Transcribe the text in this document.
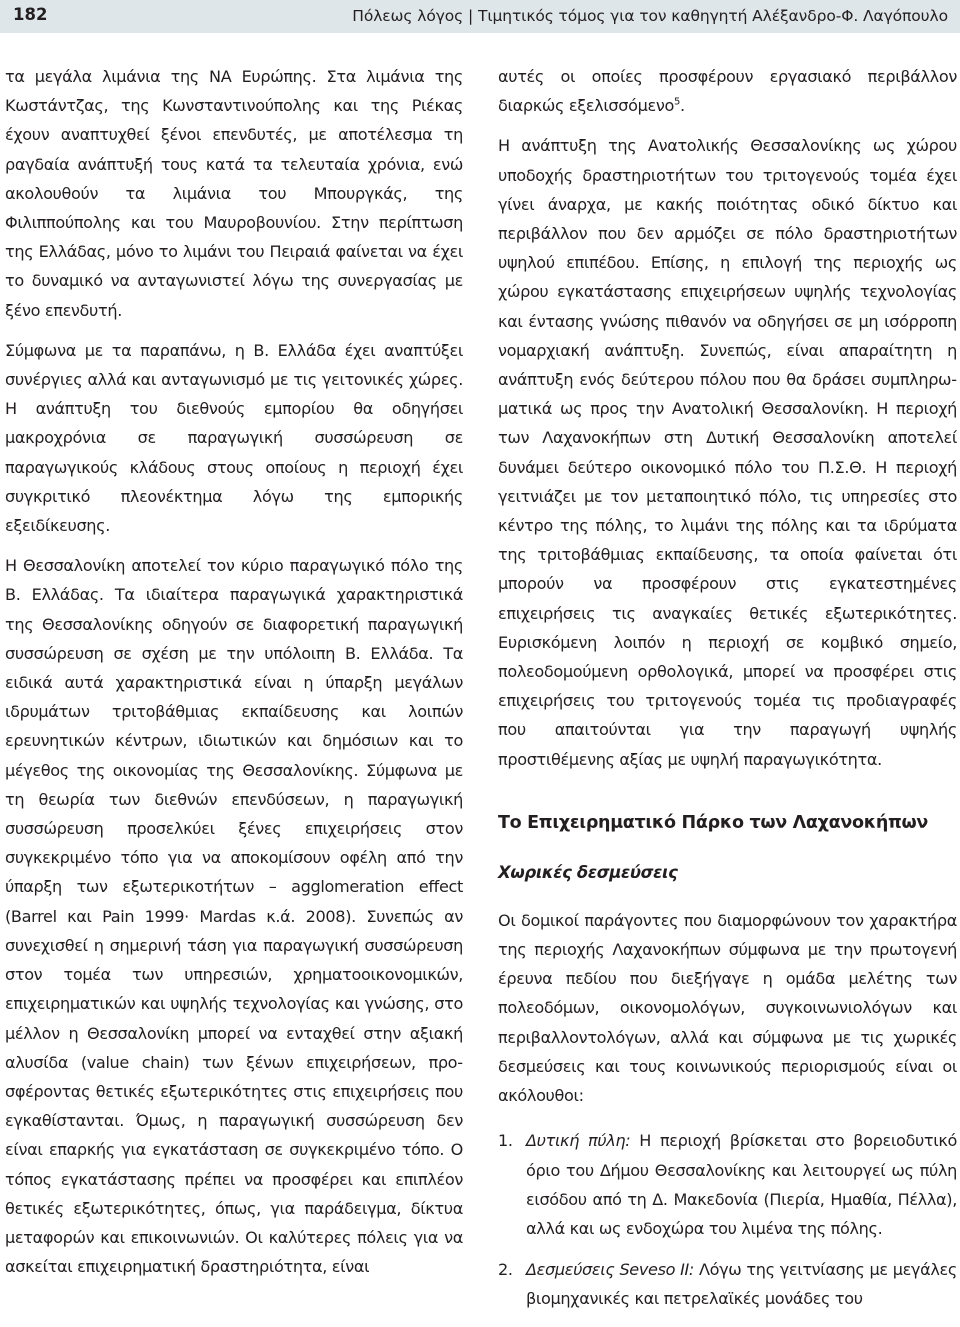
182	Πόλεως λόγος | Τιμητικός τόμος για τον καθηγητή Αλέξανδρο-Φ. Λαγόπουλο

τα μεγάλα λιμάνια της ΝΑ Ευρώπης. Στα λιμάνια της Κωστάντζας, της Κωνσταντινούπολης και της Ριέκας έχουν αναπτυχθεί ξένοι επενδυτές, με αποτέλεσμα τη ραγδαία ανάπτυξή τους κατά τα τελευταία χρόνια, ενώ ακολουθούν τα λιμάνια του Μπουργκάς, της Φιλιππούπολης και του Μαυροβουνίου. Στην περίπτωση της Ελλάδας, μόνο το λιμάνι του Πειραιά φαίνεται να έχει το δυναμικό να ανταγωνιστεί λόγω της συνεργασίας με ξένο επενδυτή.

Σύμφωνα με τα παραπάνω, η Β. Ελλάδα έχει αναπτύξει συνέργιες αλλά και ανταγωνισμό με τις γειτονικές χώρες. Η ανάπτυξη του διεθνούς εμπορίου θα οδηγήσει μακροχρόνια σε παραγωγική συσσώρευση σε παραγωγικούς κλάδους στους οποίους η περιοχή έχει συγκριτικό πλεονέκτημα λόγω της εμπορικής εξειδίκευσης.

Η Θεσσαλονίκη αποτελεί τον κύριο παραγωγικό πόλο της Β. Ελλάδας. Τα ιδιαίτερα παραγωγικά χαρακτηριστικά της Θεσσαλονίκης οδηγούν σε διαφορετική παραγωγική συσσώρευση σε σχέση με την υπόλοιπη Β. Ελλάδα. Τα ειδικά αυτά χαρακτηριστικά είναι η ύπαρξη μεγάλων ιδρυμάτων τριτοβάθμιας εκπαίδευσης και λοιπών ερευνητικών κέντρων, ιδιωτικών και δημόσιων και το μέγεθος της οικονομίας της Θεσσαλονίκης. Σύμφωνα με τη θεωρία των διεθνών επενδύσεων, η παραγωγική συσσώρευση προσελκύει ξένες επιχειρήσεις στον συγκεκριμένο τόπο για να αποκομίσουν οφέλη από την ύπαρξη των εξωτερικοτήτων – agglomeration effect (Barrel και Pain 1999· Mardas κ.ά. 2008). Συνεπώς αν συνεχισθεί η σημερινή τάση για παραγωγική συσσώρευση στον τομέα των υπηρεσιών, χρηματοοικονομικών, επιχειρηματικών και υψηλής τεχνολογίας και γνώσης, στο μέλλον η Θεσσαλονίκη μπορεί να ενταχθεί στην αξιακή αλυσίδα (value chain) των ξένων επιχειρήσεων, προσφέροντας θετικές εξωτερικότητες στις επιχειρήσεις που εγκαθίστανται. Όμως, η παραγωγική συσσώρευση δεν είναι επαρκής για εγκατάσταση σε συγκεκριμένο τόπο. Ο τόπος εγκατάστασης πρέπει να προσφέρει και επιπλέον θετικές εξωτερικότητες, όπως, για παράδειγμα, δίκτυα μεταφορών και επικοινωνιών. Οι καλύτερες πόλεις για να ασκείται επιχειρηματική δραστηριότητα, είναι

αυτές οι οποίες προσφέρουν εργασιακό περιβάλλον διαρκώς εξελισσόμενο$^5$.

Η ανάπτυξη της Ανατολικής Θεσσαλονίκης ως χώρου υποδοχής δραστηριοτήτων του τριτογενούς τομέα έχει γίνει άναρχα, με κακής ποιότητας οδικό δίκτυο και περιβάλλον που δεν αρμόζει σε πόλο δραστηριοτήτων υψηλού επιπέδου. Επίσης, η επιλογή της περιοχής ως χώρου εγκατάστασης επιχειρήσεων υψηλής τεχνολογίας και έντασης γνώσης πιθανόν να οδηγήσει σε μη ισόρροπη νομαρχιακή ανάπτυξη. Συνεπώς, είναι απαραίτητη η ανάπτυξη ενός δεύτερου πόλου που θα δράσει συμπληρωματικά ως προς την Ανατολική Θεσσαλονίκη. Η περιοχή των Λαχανοκήπων στη Δυτική Θεσσαλονίκη αποτελεί δυνάμει δεύτερο οικονομικό πόλο του Π.Σ.Θ. Η περιοχή γειτνιάζει με τον μεταποιητικό πόλο, τις υπηρεσίες στο κέντρο της πόλης, το λιμάνι της πόλης και τα ιδρύματα της τριτοβάθμιας εκπαίδευσης, τα οποία φαίνεται ότι μπορούν να προσφέρουν στις εγκατεστημένες επιχειρήσεις τις αναγκαίες θετικές εξωτερικότητες. Ευρισκόμενη λοιπόν η περιοχή σε κομβικό σημείο, πολεοδομούμενη ορθολογικά, μπορεί να προσφέρει στις επιχειρήσεις του τριτογενούς τομέα τις προδιαγραφές που απαιτούνται για την παραγωγή υψηλής προστιθέμενης αξίας με υψηλή παραγωγικότητα.

Το Επιχειρηματικό Πάρκο των Λαχανοκήπων
Χωρικές δεσμεύσεις

Οι δομικοί παράγοντες που διαμορφώνουν τον χαρακτήρα της περιοχής Λαχανοκήπων σύμφωνα με την πρωτογενή έρευνα πεδίου που διεξήγαγε η ομάδα μελέτης των πολεοδόμων, οικονομολόγων, συγκοινωνιολόγων και περιβαλλοντολόγων, αλλά και σύμφωνα με τις χωρικές δεσμεύσεις και τους κοινωνικούς περιορισμούς είναι οι ακόλουθοι:

1. Δυτική πύλη: Η περιοχή βρίσκεται στο βορειοδυτικό όριο του Δήμου Θεσσαλονίκης και λειτουργεί ως πύλη εισόδου από τη Δ. Μακεδονία (Πιερία, Ημαθία, Πέλλα), αλλά και ως ενδοχώρα του λιμένα της πόλης.
2. Δεσμεύσεις Seveso II: Λόγω της γειτνίασης με μεγάλες βιομηχανικές και πετρελαϊκές μονάδες του
